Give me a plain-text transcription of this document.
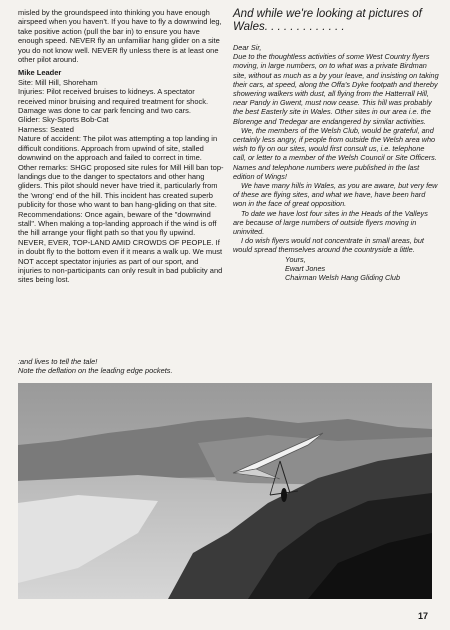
misled by the groundspeed into thinking you have enough airspeed when you haven't. If you have to fly a downwind leg, take positive action (pull the bar in) to ensure you have enough speed. NEVER fly an unfamiliar hang glider on a site you do not know well. NEVER fly unless there is at least one other pilot around.

Mike Leader

Site: Mill Hill, Shoreham

Injuries: Pilot received bruises to kidneys. A spectator received minor bruising and required treatment for shock. Damage was done to car park fencing and two cars.

Glider: Sky-Sports Bob-Cat

Harness: Seated

Nature of accident: The pilot was attempting a top landing in difficult conditions. Approach from upwind of site, stalled downwind on the approach and failed to correct in time.

Other remarks: SHGC proposed site rules for Mill Hill ban top-landings due to the danger to spectators and other hang gliders. This pilot should never have tried it, particularly from the 'wrong' end of the hill. This incident has created superb publicity for those who want to ban hang-gliding on that site.

Recommendations: Once again, beware of the "downwind stall". When making a top-landing approach if the wind is off the hill arrange your flight path so that you fly upwind. NEVER, EVER, TOP-LAND AMID CROWDS OF PEOPLE. If in doubt fly to the bottom even if it means a walk up. We must NOT accept spectator injuries as part of our sport, and injuries to non-participants can only result in bad publicity and sites being lost.

And while we're looking at pictures of Wales. . . . . . . . . . . . .

Dear Sir,

Due to the thoughtless activities of some West Country flyers moving, in large numbers, on to what was a private Birdman site, without as much as a by your leave, and insisting on taking their cars, at speed, along the Offa's Dyke footpath and thereby showering walkers with dust, all flying from the Hatterrall Hill, near Pandy in Gwent, must now cease. This hill was probably the best Easterly site in Wales. Other sites in our area i.e. the Blorenge and Tredegar are endangered by similar activities.

We, the members of the Welsh Club, would be grateful, and certainly less angry, if people from outside the Welsh area who wish to fly on our sites, would first consult us, i.e. telephone call, or letter to a member of the Welsh Council or Site Officers. Names and telephone numbers were published in the last edition of Wings!

We have many hills in Wales, as you are aware, but very few of these are flying sites, and what we have, have been hard won in the face of great opposition.

To date we have lost four sites in the Heads of the Valleys are because of large numbers of outside flyers moving in uninvited.

I do wish flyers would not concentrate in small areas, but would spread themselves around the countryside a little.

Yours,

Ewart Jones

Chairman Welsh Hang Gliding Club

:and lives to tell the tale!

Note the deflation on the leading edge pockets.

17
